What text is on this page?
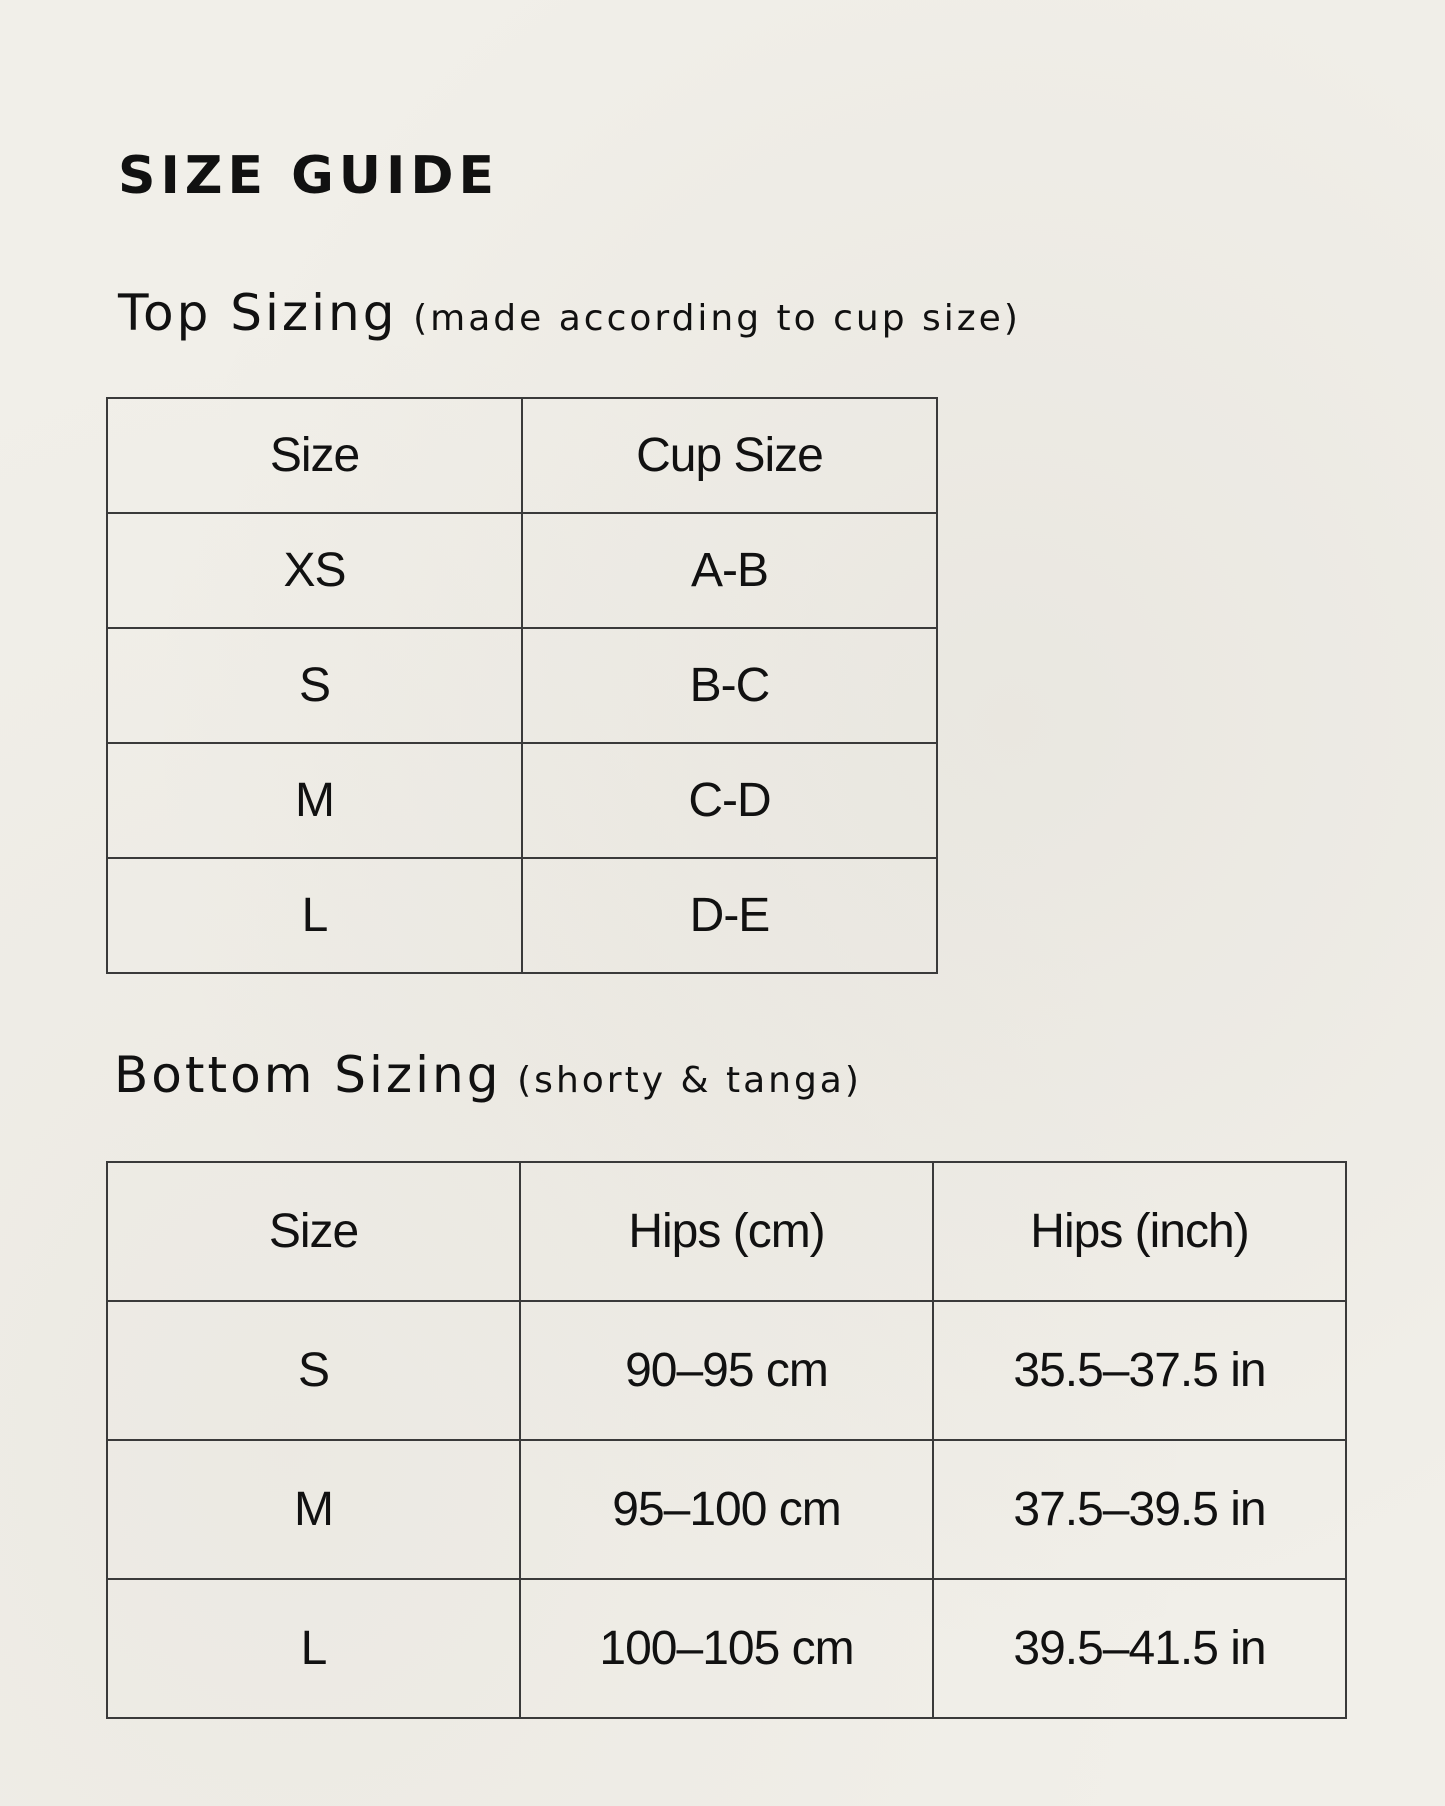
SIZE GUIDE
Top Sizing (made according to cup size)
Size	Cup Size
XS	A-B
S	B-C
M	C-D
L	D-E
Bottom Sizing (shorty & tanga)
Size	Hips (cm)	Hips (inch)
S	90–95 cm	35.5–37.5 in
M	95–100 cm	37.5–39.5 in
L	100–105 cm	39.5–41.5 in
